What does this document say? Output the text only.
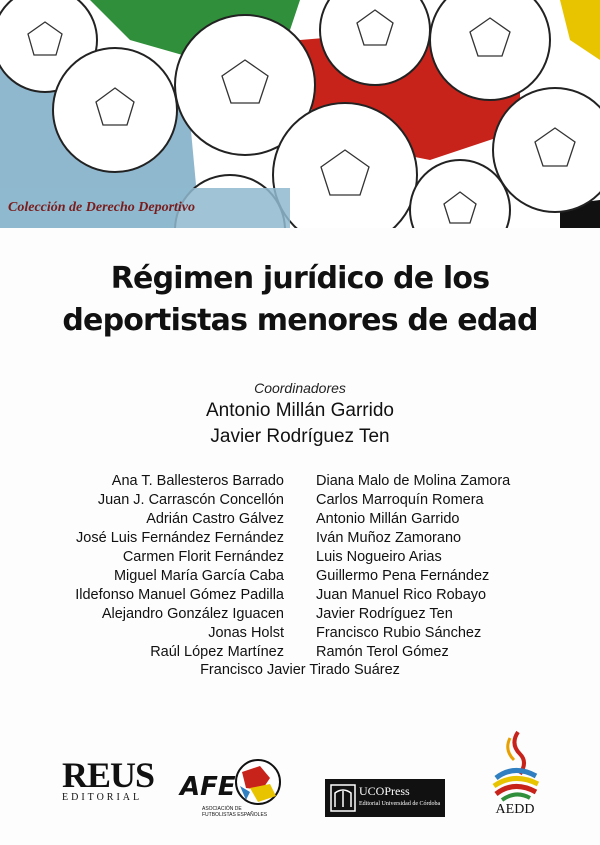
Colección de Derecho Deportivo
Régimen jurídico de los
deportistas menores de edad
Coordinadores
Antonio Millán Garrido
Javier Rodríguez Ten
Ana T. Ballesteros Barrado
Juan J. Carrascón Concellón
Adrián Castro Gálvez
José Luis Fernández Fernández
Carmen Florit Fernández
Miguel María García Caba
Ildefonso Manuel Gómez Padilla
Alejandro González Iguacen
Jonas Holst
Raúl López Martínez
Diana Malo de Molina Zamora
Carlos Marroquín Romera
Antonio Millán Garrido
Iván Muñoz Zamorano
Luis Nogueiro Arias
Guillermo Pena Fernández
Juan Manuel Rico Robayo
Javier Rodríguez Ten
Francisco Rubio Sánchez
Ramón Terol Gómez
Francisco Javier Tirado Suárez
REUS
EDITORIAL AFE
ASOCIACIÓN DE FUTBOLISTAS ESPAÑOLES
UCOPress
Editorial Universidad de Córdoba	AEDD
